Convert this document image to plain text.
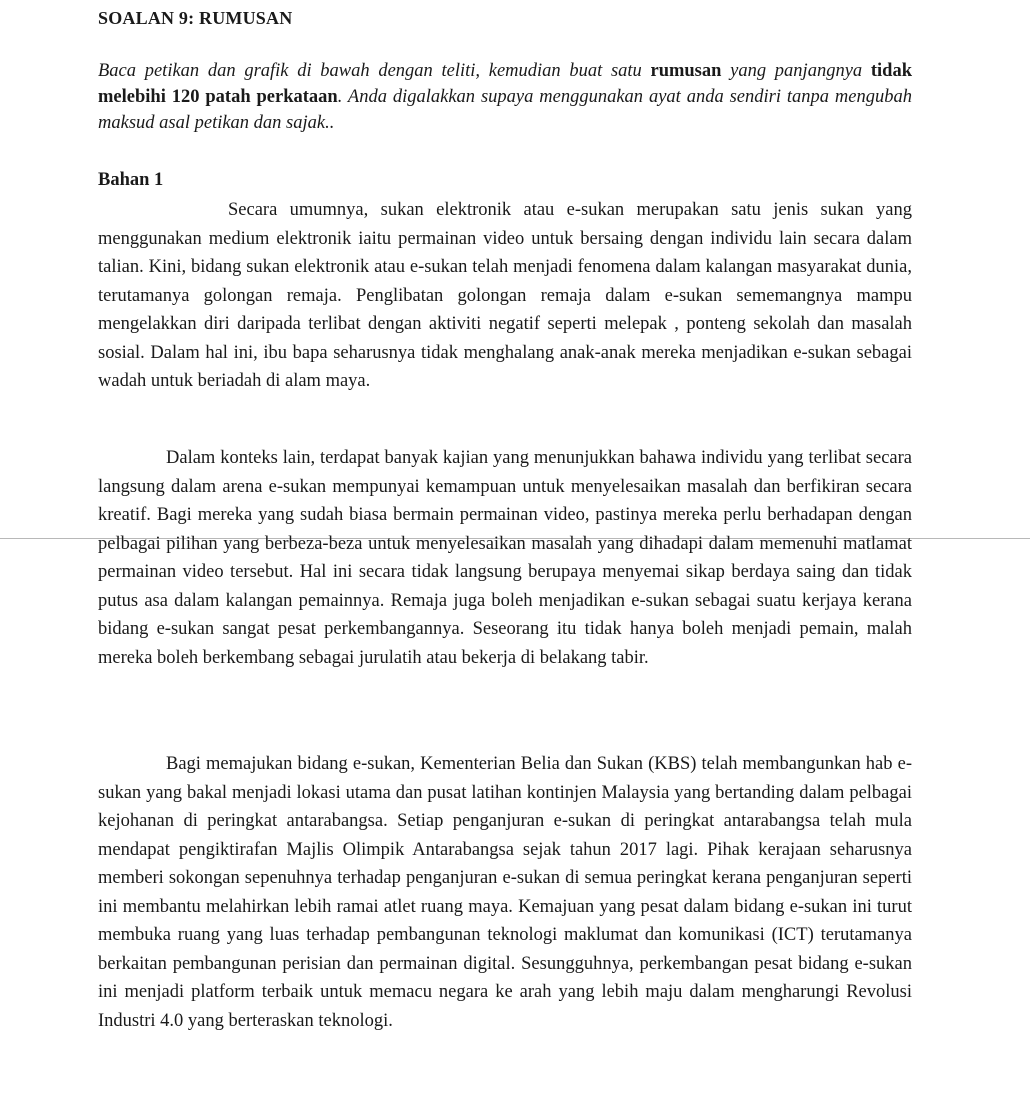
SOALAN 9: RUMUSAN

Baca petikan dan grafik di bawah dengan teliti, kemudian buat satu rumusan yang panjangnya tidak melebihi 120 patah perkataan. Anda digalakkan supaya menggunakan ayat anda sendiri tanpa mengubah maksud asal petikan dan sajak..

Bahan 1

Secara umumnya, sukan elektronik atau e-sukan merupakan satu jenis sukan yang menggunakan medium elektronik iaitu permainan video untuk bersaing dengan individu lain secara dalam talian. Kini, bidang sukan elektronik atau e-sukan telah menjadi fenomena dalam kalangan masyarakat dunia, terutamanya golongan remaja. Penglibatan golongan remaja dalam e-sukan sememangnya mampu mengelakkan diri daripada terlibat dengan aktiviti negatif seperti melepak , ponteng sekolah dan masalah sosial. Dalam hal ini, ibu bapa seharusnya tidak menghalang anak-anak mereka menjadikan e-sukan sebagai wadah untuk beriadah di alam maya.

Dalam konteks lain, terdapat banyak kajian yang menunjukkan bahawa individu yang terlibat secara langsung dalam arena e-sukan mempunyai kemampuan untuk menyelesaikan masalah dan berfikiran secara kreatif. Bagi mereka yang sudah biasa bermain permainan video, pastinya mereka perlu berhadapan dengan pelbagai pilihan yang berbeza-beza untuk menyelesaikan masalah yang dihadapi dalam memenuhi matlamat permainan video tersebut. Hal ini secara tidak langsung berupaya menyemai sikap berdaya saing dan tidak putus asa dalam kalangan pemainnya. Remaja juga boleh menjadikan e-sukan sebagai suatu kerjaya kerana bidang e-sukan sangat pesat perkembangannya. Seseorang itu tidak hanya boleh menjadi pemain, malah mereka boleh berkembang sebagai jurulatih atau bekerja di belakang tabir.

Bagi memajukan bidang e-sukan, Kementerian Belia dan Sukan (KBS) telah membangunkan hab e-sukan yang bakal menjadi lokasi utama dan pusat latihan kontinjen Malaysia yang bertanding dalam pelbagai kejohanan di peringkat antarabangsa. Setiap penganjuran e-sukan di peringkat antarabangsa telah mula mendapat pengiktirafan Majlis Olimpik Antarabangsa sejak tahun 2017 lagi. Pihak kerajaan seharusnya memberi sokongan sepenuhnya terhadap penganjuran e-sukan di semua peringkat kerana penganjuran seperti ini membantu melahirkan lebih ramai atlet ruang maya. Kemajuan yang pesat dalam bidang e-sukan ini turut membuka ruang yang luas terhadap pembangunan teknologi maklumat dan komunikasi (ICT) terutamanya berkaitan pembangunan perisian dan permainan digital. Sesungguhnya, perkembangan pesat bidang e-sukan ini menjadi platform terbaik untuk memacu negara ke arah yang lebih maju dalam mengharungi Revolusi Industri 4.0 yang berteraskan teknologi.
